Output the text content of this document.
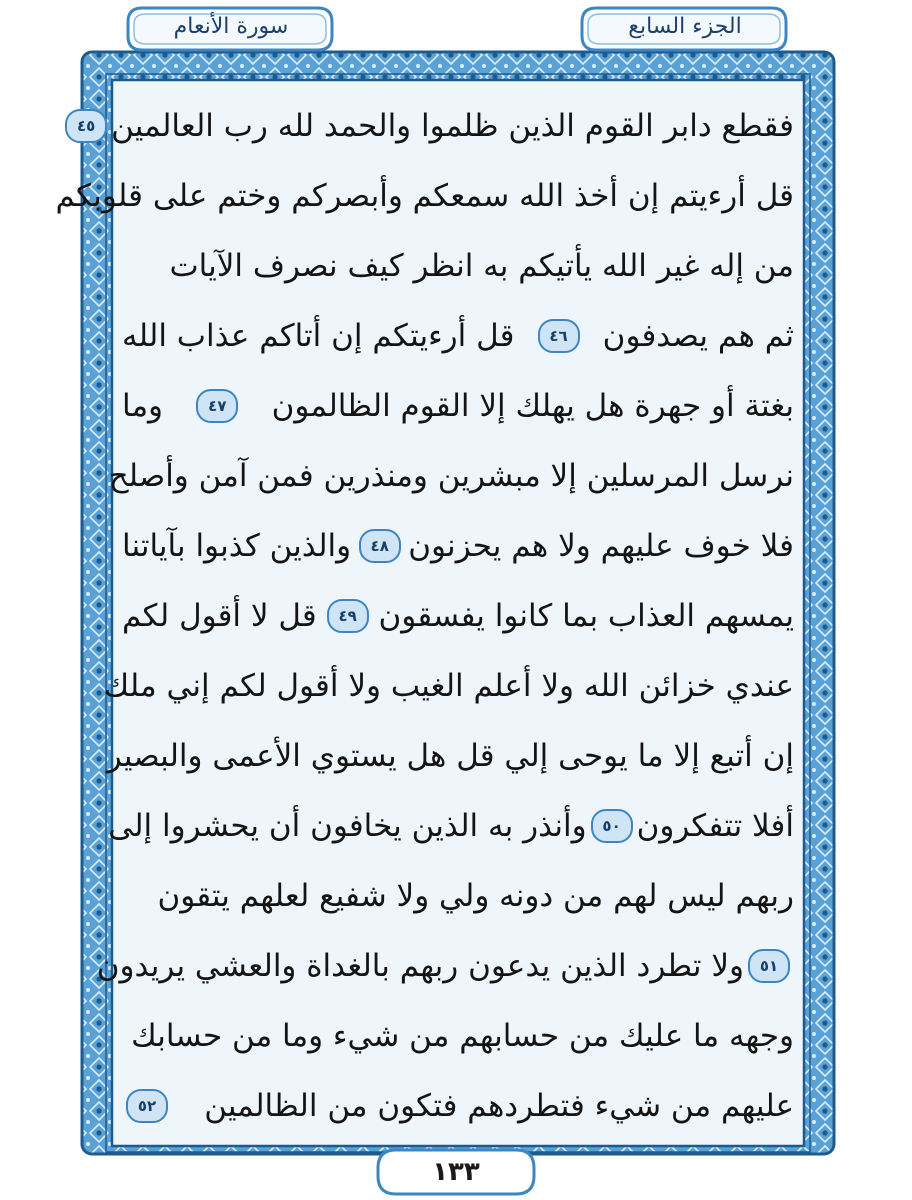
الجزء السابع
سورة الأنعام
فقطع دابر القوم الذين ظلموا والحمد لله رب العالمين
٤٥
قل أرءيتم إن أخذ الله سمعكم وأبصركم وختم على قلوبكم
من إله غير الله يأتيكم به انظر كيف نصرف الآيات
ثم هم يصدفون
٤٦
قل أرءيتكم إن أتاكم عذاب الله
بغتة أو جهرة هل يهلك إلا القوم الظالمون
٤٧
وما
نرسل المرسلين إلا مبشرين ومنذرين فمن آمن وأصلح
فلا خوف عليهم ولا هم يحزنون
٤٨
والذين كذبوا بآياتنا
يمسهم العذاب بما كانوا يفسقون
٤٩
قل لا أقول لكم
عندي خزائن الله ولا أعلم الغيب ولا أقول لكم إني ملك
إن أتبع إلا ما يوحى إلي قل هل يستوي الأعمى والبصير
أفلا تتفكرون
٥٠
وأنذر به الذين يخافون أن يحشروا إلى
ربهم ليس لهم من دونه ولي ولا شفيع لعلهم يتقون
٥١
ولا تطرد الذين يدعون ربهم بالغداة والعشي يريدون
وجهه ما عليك من حسابهم من شيء وما من حسابك
عليهم من شيء فتطردهم فتكون من الظالمين
٥٢
١٣٣
